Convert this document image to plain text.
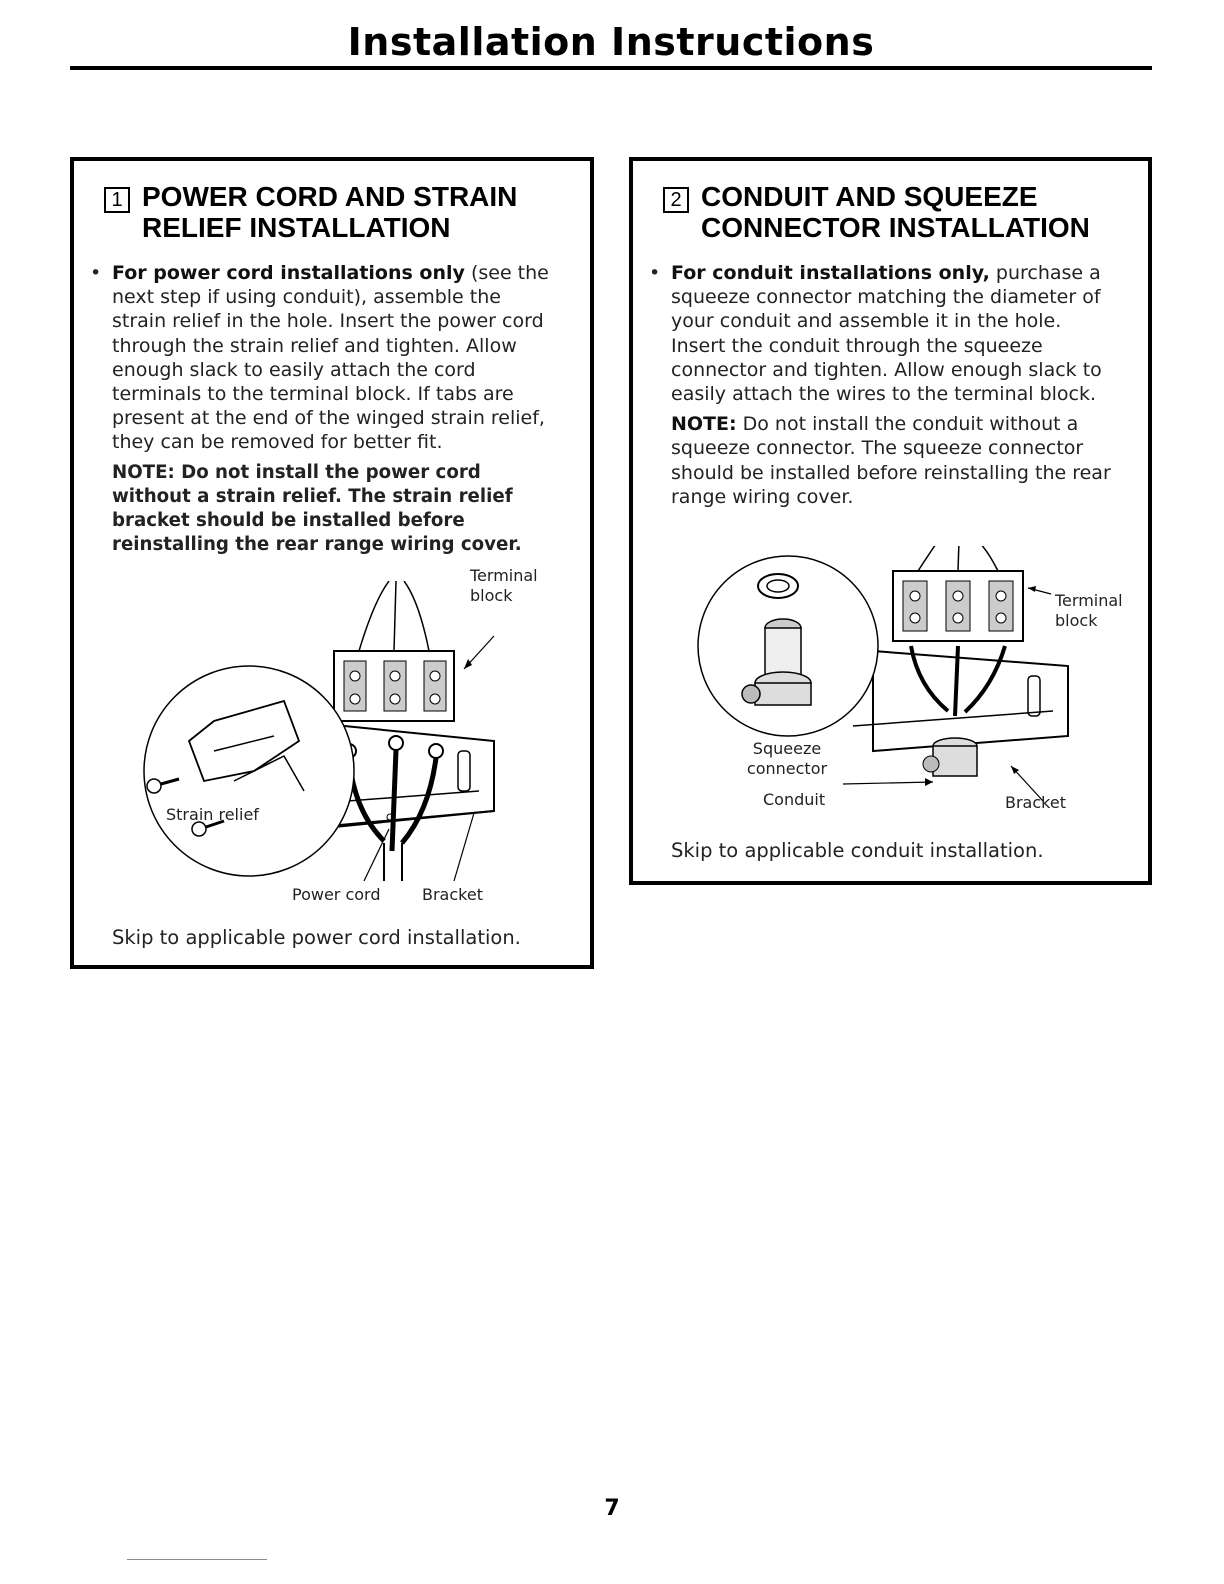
Installation Instructions
1 POWER CORD AND STRAIN
RELIEF INSTALLATION

• For power cord installations only (see the next step if using conduit), assemble the strain relief in the hole. Insert the power cord through the strain relief and tighten. Allow enough slack to easily attach the cord terminals to the terminal block. If tabs are present at the end of the winged strain relief, they can be removed for better fit.

NOTE: Do not install the power cord without a strain relief. The strain relief bracket should be installed before reinstalling the rear range wiring cover.

Terminal
block
Strain relief
Power cord	Bracket
Skip to applicable power cord installation.
2 CONDUIT AND SQUEEZE
CONNECTOR INSTALLATION

• For conduit installations only, purchase a squeeze connector matching the diameter of your conduit and assemble it in the hole. Insert the conduit through the squeeze connector and tighten. Allow enough slack to easily attach the wires to the terminal block.

NOTE: Do not install the conduit without a squeeze connector. The squeeze connector should be installed before reinstalling the rear range wiring cover.

Terminal
block
Squeeze
connector
Conduit	Bracket
Skip to applicable conduit installation.
7
